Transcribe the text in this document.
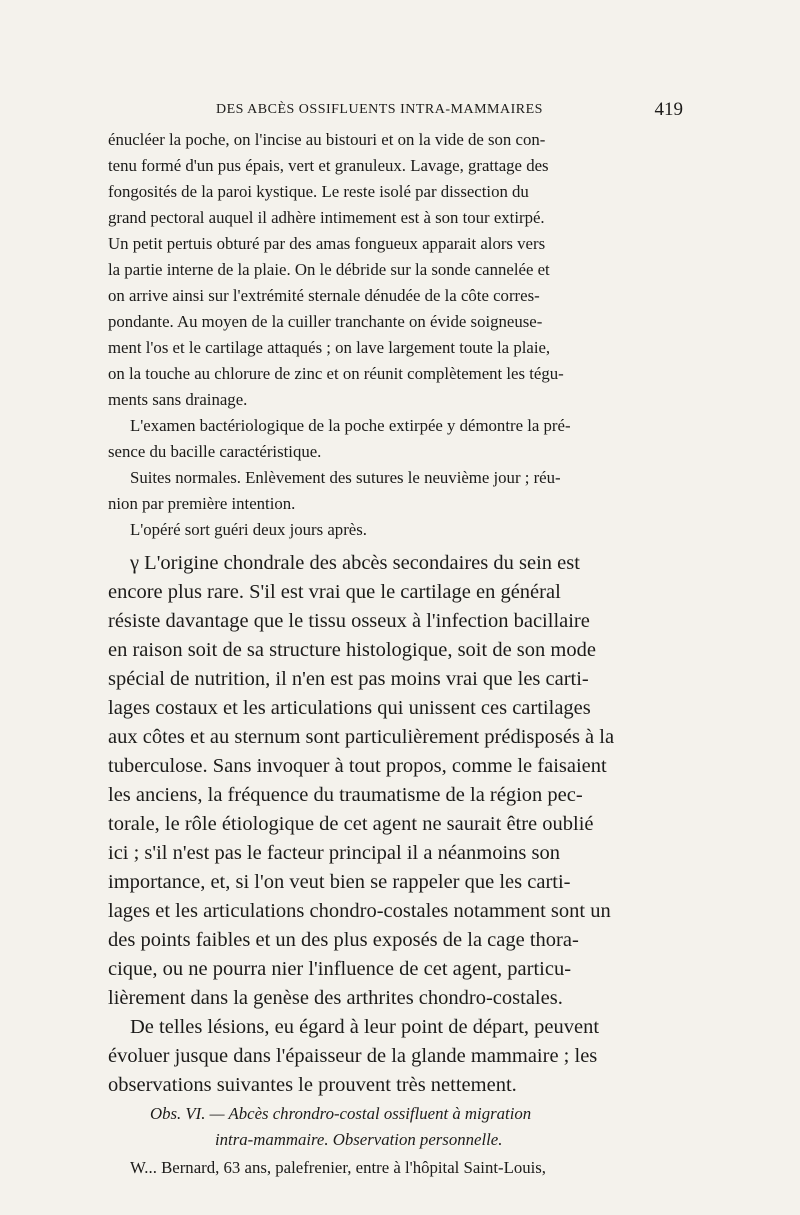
DES ABCÈS OSSIFLUENTS INTRA-MAMMAIRES	419
énucléer la poche, on l'incise au bistouri et on la vide de son con-
tenu formé d'un pus épais, vert et granuleux. Lavage, grattage des
fongosités de la paroi kystique. Le reste isolé par dissection du
grand pectoral auquel il adhère intimement est à son tour extirpé.
Un petit pertuis obturé par des amas fongueux apparait alors vers
la partie interne de la plaie. On le débride sur la sonde cannelée et
on arrive ainsi sur l'extrémité sternale dénudée de la côte corres-
pondante. Au moyen de la cuiller tranchante on évide soigneuse-
ment l'os et le cartilage attaqués ; on lave largement toute la plaie,
on la touche au chlorure de zinc et on réunit complètement les tégu-
ments sans drainage.
L'examen bactériologique de la poche extirpée y démontre la pré-
sence du bacille caractéristique.
Suites normales. Enlèvement des sutures le neuvième jour ; réu-
nion par première intention.
L'opéré sort guéri deux jours après.
γ L'origine chondrale des abcès secondaires du sein est
encore plus rare. S'il est vrai que le cartilage en général
résiste davantage que le tissu osseux à l'infection bacillaire
en raison soit de sa structure histologique, soit de son mode
spécial de nutrition, il n'en est pas moins vrai que les carti-
lages costaux et les articulations qui unissent ces cartilages
aux côtes et au sternum sont particulièrement prédisposés à la
tuberculose. Sans invoquer à tout propos, comme le faisaient
les anciens, la fréquence du traumatisme de la région pec-
torale, le rôle étiologique de cet agent ne saurait être oublié
ici ; s'il n'est pas le facteur principal il a néanmoins son
importance, et, si l'on veut bien se rappeler que les carti-
lages et les articulations chondro-costales notamment sont un
des points faibles et un des plus exposés de la cage thora-
cique, ou ne pourra nier l'influence de cet agent, particu-
lièrement dans la genèse des arthrites chondro-costales.
De telles lésions, eu égard à leur point de départ, peuvent
évoluer jusque dans l'épaisseur de la glande mammaire ; les
observations suivantes le prouvent très nettement.
Obs. VI. — Abcès chrondro-costal ossifluent à migration
intra-mammaire. Observation personnelle.
W... Bernard, 63 ans, palefrenier, entre à l'hôpital Saint-Louis,
